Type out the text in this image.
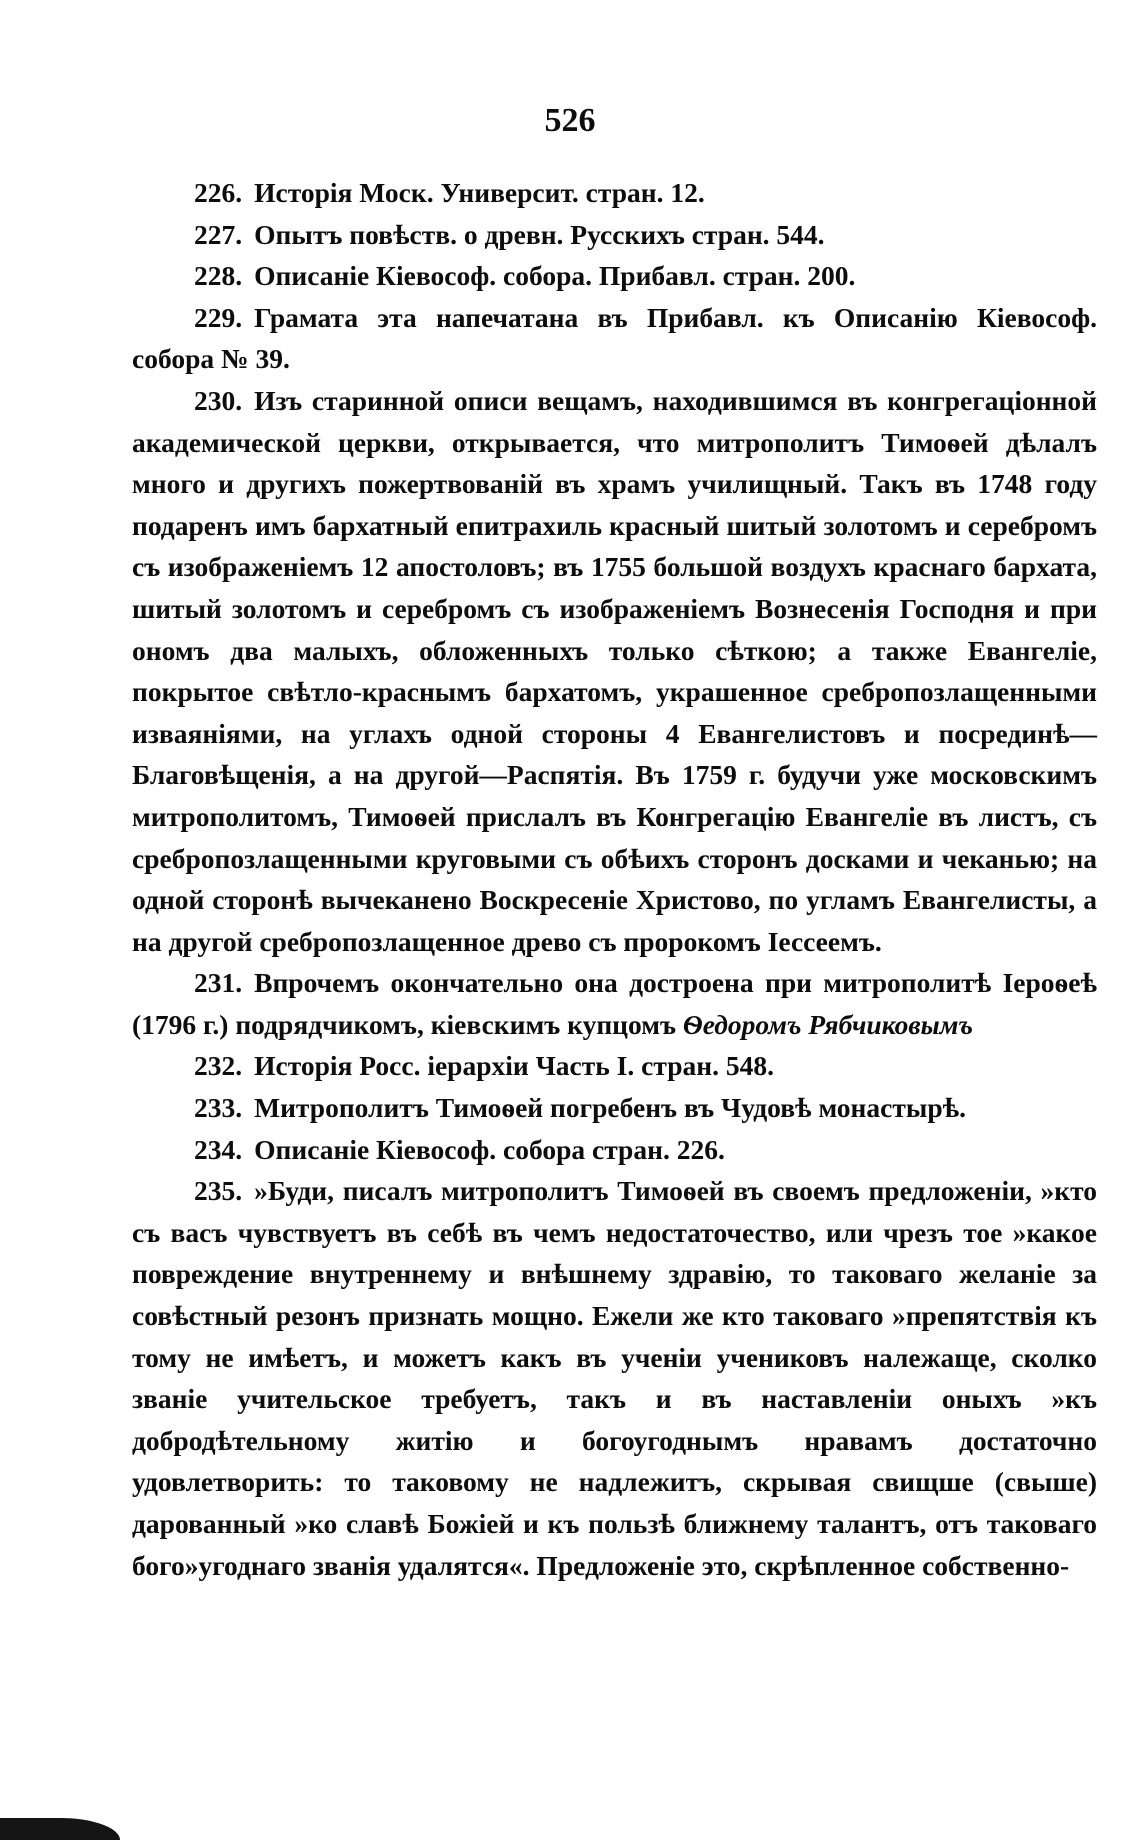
526

226. Исторія Моск. Университ. стран. 12.

227. Опытъ повѣств. о древн. Русскихъ стран. 544.

228. Описаніе Кіевософ. собора. Прибавл. стран. 200.

229. Грамата эта напечатана въ Прибавл. къ Описанію Кіевософ. собора № 39.

230. Изъ старинной описи вещамъ, находившимся въ конгрегаціонной академической церкви, открывается, что митрополитъ Тимоѳей дѣлалъ много и другихъ пожертвованій въ храмъ училищный. Такъ въ 1748 году подаренъ имъ бархатный епитрахиль красный шитый золотомъ и серебромъ съ изображеніемъ 12 апостоловъ; въ 1755 большой воздухъ краснаго бархата, шитый золотомъ и серебромъ съ изображеніемъ Вознесенія Господня и при ономъ два малыхъ, обложенныхъ только сѣткою; а также Евангеліе, покрытое свѣтло-краснымъ бархатомъ, украшенное сребропозлащенными изваяніями, на углахъ одной стороны 4 Евангелистовъ и посрединѣ—Благовѣщенія, а на другой—Распятія. Въ 1759 г. будучи уже московскимъ митрополитомъ, Тимоѳей прислалъ въ Конгрегацію Евангеліе въ листъ, съ сребропозлащенными круговыми съ обѣихъ сторонъ досками и чеканью; на одной сторонѣ вычеканено Воскресеніе Христово, по угламъ Евангелисты, а на другой сребропозлащенное древо съ пророкомъ Іессеемъ.

231. Впрочемъ окончательно она достроена при митрополитѣ Іероѳеѣ (1796 г.) подрядчикомъ, кіевскимъ купцомъ Ѳедоромъ Рябчиковымъ

232. Исторія Росс. іерархіи Часть I. стран. 548.

233. Митрополитъ Тимоѳей погребенъ въ Чудовѣ монастырѣ.

234. Описаніе Кіевософ. собора стран. 226.

235. »Буди, писалъ митрополитъ Тимоѳей въ своемъ предложеніи, »кто съ васъ чувствуетъ въ себѣ въ чемъ недостаточество, или чрезъ тое »какое повреждение внутреннему и внѣшнему здравію, то таковаго желаніе за совѣстный резонъ признать мощно. Ежели же кто таковаго »препятствія къ тому не имѣетъ, и можетъ какъ въ ученіи учениковъ належаще, сколко званіе учительское требуетъ, такъ и въ наставленіи оныхъ »къ добродѣтельному житію и богоугоднымъ нравамъ достаточно удовлетворить: то таковому не надлежитъ, скрывая свищше (свыше) дарованный »ко славѣ Божіей и къ пользѣ ближнему талантъ, отъ таковаго бого»угоднаго званія удалятся«. Предложеніе это, скрѣпленное собственно-
